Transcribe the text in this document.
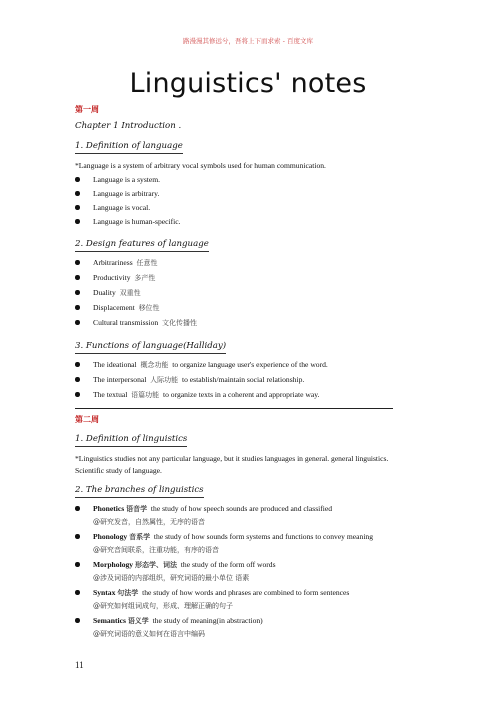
路漫漫其修远兮，吾将上下而求索 - 百度文库
Linguistics' notes

第一周

Chapter 1 Introduction .

1. Definition of language

*Language is a system of arbitrary vocal symbols used for human communication.

Language is a system.
Language is arbitrary.
Language is vocal.
Language is human-specific.

2. Design features of language

Arbitrariness 任意性
Productivity 多产性
Duality 双重性
Displacement 移位性
Cultural transmission 文化传播性

3. Functions of language(Halliday)

The ideational 概念功能 to organize language user's experience of the word.
The interpersonal 人际功能 to establish/maintain social relationship.
The textual 语篇功能 to organize texts in a coherent and appropriate way.

第二周

1. Definition of linguistics

*Linguistics studies not any particular language, but it studies languages in general. general linguistics.

Scientific study of language.

2. The branches of linguistics

Phonetics 语音学 the study of how speech sounds are produced and classified
@研究发音，自然属性，无序的语音
Phonology 音系学 the study of how sounds form systems and functions to convey meaning
@研究音间联系，注重功能，有序的语音
Morphology 形态学、词法 the study of the form off words
@涉及词语的内部组织，研究词语的最小单位 语素
Syntax 句法学 the study of how words and phrases are combined to form sentences
@研究如何组词成句，形成、理解正确的句子
Semantics 语义学 the study of meaning(in abstraction)
@研究词语的意义如何在语言中编码
11
